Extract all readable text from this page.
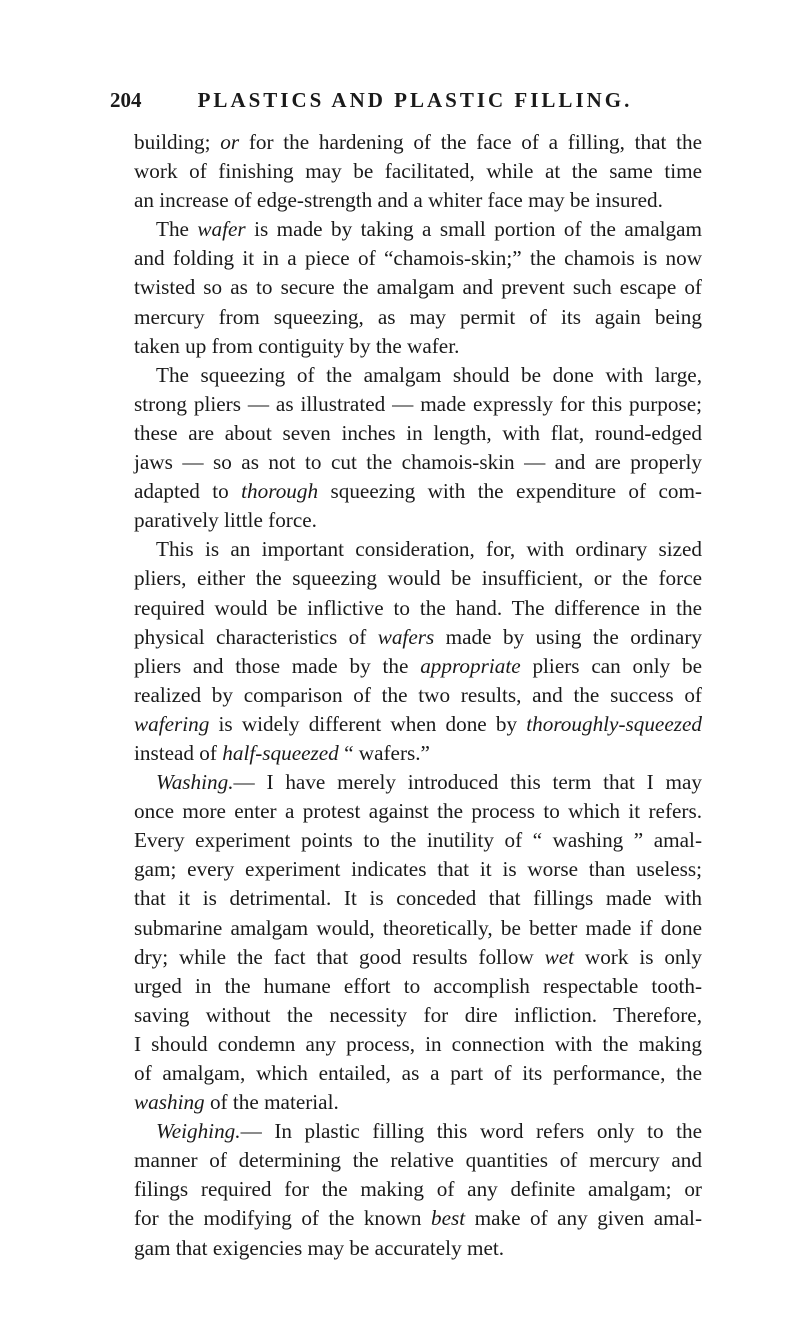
204	PLASTICS AND PLASTIC FILLING.
building; or for the hardening of the face of a filling, that the
work of finishing may be facilitated, while at the same time
an increase of edge-strength and a whiter face may be insured.
The wafer is made by taking a small portion of the amalgam
and folding it in a piece of “chamois-skin;” the chamois is now
twisted so as to secure the amalgam and prevent such escape of
mercury from squeezing, as may permit of its again being
taken up from contiguity by the wafer.
The squeezing of the amalgam should be done with large,
strong pliers — as illustrated — made expressly for this purpose;
these are about seven inches in length, with flat, round-edged
jaws — so as not to cut the chamois-skin — and are properly
adapted to thorough squeezing with the expenditure of com-
paratively little force.
This is an important consideration, for, with ordinary sized
pliers, either the squeezing would be insufficient, or the force
required would be inflictive to the hand. The difference in the
physical characteristics of wafers made by using the ordinary
pliers and those made by the appropriate pliers can only be
realized by comparison of the two results, and the success of
wafering is widely different when done by thoroughly-squeezed
instead of half-squeezed “ wafers.”
Washing.— I have merely introduced this term that I may
once more enter a protest against the process to which it refers.
Every experiment points to the inutility of “ washing ” amal-
gam; every experiment indicates that it is worse than useless;
that it is detrimental. It is conceded that fillings made with
submarine amalgam would, theoretically, be better made if done
dry; while the fact that good results follow wet work is only
urged in the humane effort to accomplish respectable tooth-
saving without the necessity for dire infliction. Therefore,
I should condemn any process, in connection with the making
of amalgam, which entailed, as a part of its performance, the
washing of the material.
Weighing.— In plastic filling this word refers only to the
manner of determining the relative quantities of mercury and
filings required for the making of any definite amalgam; or
for the modifying of the known best make of any given amal-
gam that exigencies may be accurately met.
